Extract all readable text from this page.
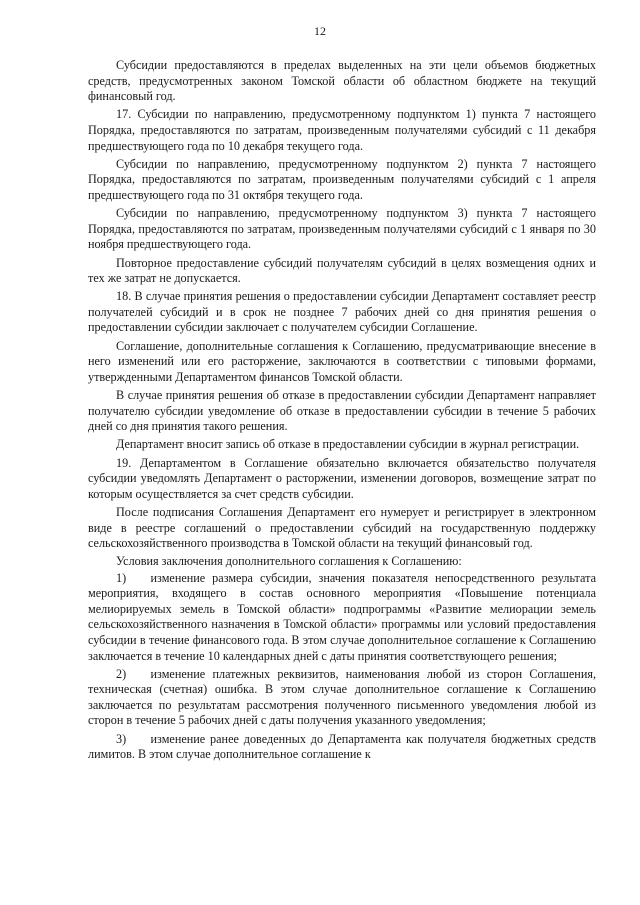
12

Субсидии предоставляются в пределах выделенных на эти цели объемов бюджетных средств, предусмотренных законом Томской области об областном бюджете на текущий финансовый год.

17. Субсидии по направлению, предусмотренному подпунктом 1) пункта 7 настоящего Порядка, предоставляются по затратам, произведенным получателями субсидий с 11 декабря предшествующего года по 10 декабря текущего года.

Субсидии по направлению, предусмотренному подпунктом 2) пункта 7 настоящего Порядка, предоставляются по затратам, произведенным получателями субсидий с 1 апреля предшествующего года по 31 октября текущего года.

Субсидии по направлению, предусмотренному подпунктом 3) пункта 7 настоящего Порядка, предоставляются по затратам, произведенным получателями субсидий с 1 января по 30 ноября предшествующего года.

Повторное предоставление субсидий получателям субсидий в целях возмещения одних и тех же затрат не допускается.

18. В случае принятия решения о предоставлении субсидии Департамент составляет реестр получателей субсидий и в срок не позднее 7 рабочих дней со дня принятия решения о предоставлении субсидии заключает с получателем субсидии Соглашение.

Соглашение, дополнительные соглашения к Соглашению, предусматривающие внесение в него изменений или его расторжение, заключаются в соответствии с типовыми формами, утвержденными Департаментом финансов Томской области.

В случае принятия решения об отказе в предоставлении субсидии Департамент направляет получателю субсидии уведомление об отказе в предоставлении субсидии в течение 5 рабочих дней со дня принятия такого решения.

Департамент вносит запись об отказе в предоставлении субсидии в журнал регистрации.

19. Департаментом в Соглашение обязательно включается обязательство получателя субсидии уведомлять Департамент о расторжении, изменении договоров, возмещение затрат по которым осуществляется за счет средств субсидии.

После подписания Соглашения Департамент его нумерует и регистрирует в электронном виде в реестре соглашений о предоставлении субсидий на государственную поддержку сельскохозяйственного производства в Томской области на текущий финансовый год.

Условия заключения дополнительного соглашения к Соглашению:

1)  изменение размера субсидии, значения показателя непосредственного результата мероприятия, входящего в состав основного мероприятия «Повышение потенциала мелиорируемых земель в Томской области» подпрограммы «Развитие мелиорации земель сельскохозяйственного назначения в Томской области» программы или условий предоставления субсидии в течение финансового года. В этом случае дополнительное соглашение к Соглашению заключается в течение 10 календарных дней с даты принятия соответствующего решения;

2)  изменение платежных реквизитов, наименования любой из сторон Соглашения, техническая (счетная) ошибка. В этом случае дополнительное соглашение к Соглашению заключается по результатам рассмотрения полученного письменного уведомления любой из сторон в течение 5 рабочих дней с даты получения указанного уведомления;

3)  изменение ранее доведенных до Департамента как получателя бюджетных средств лимитов. В этом случае дополнительное соглашение к
